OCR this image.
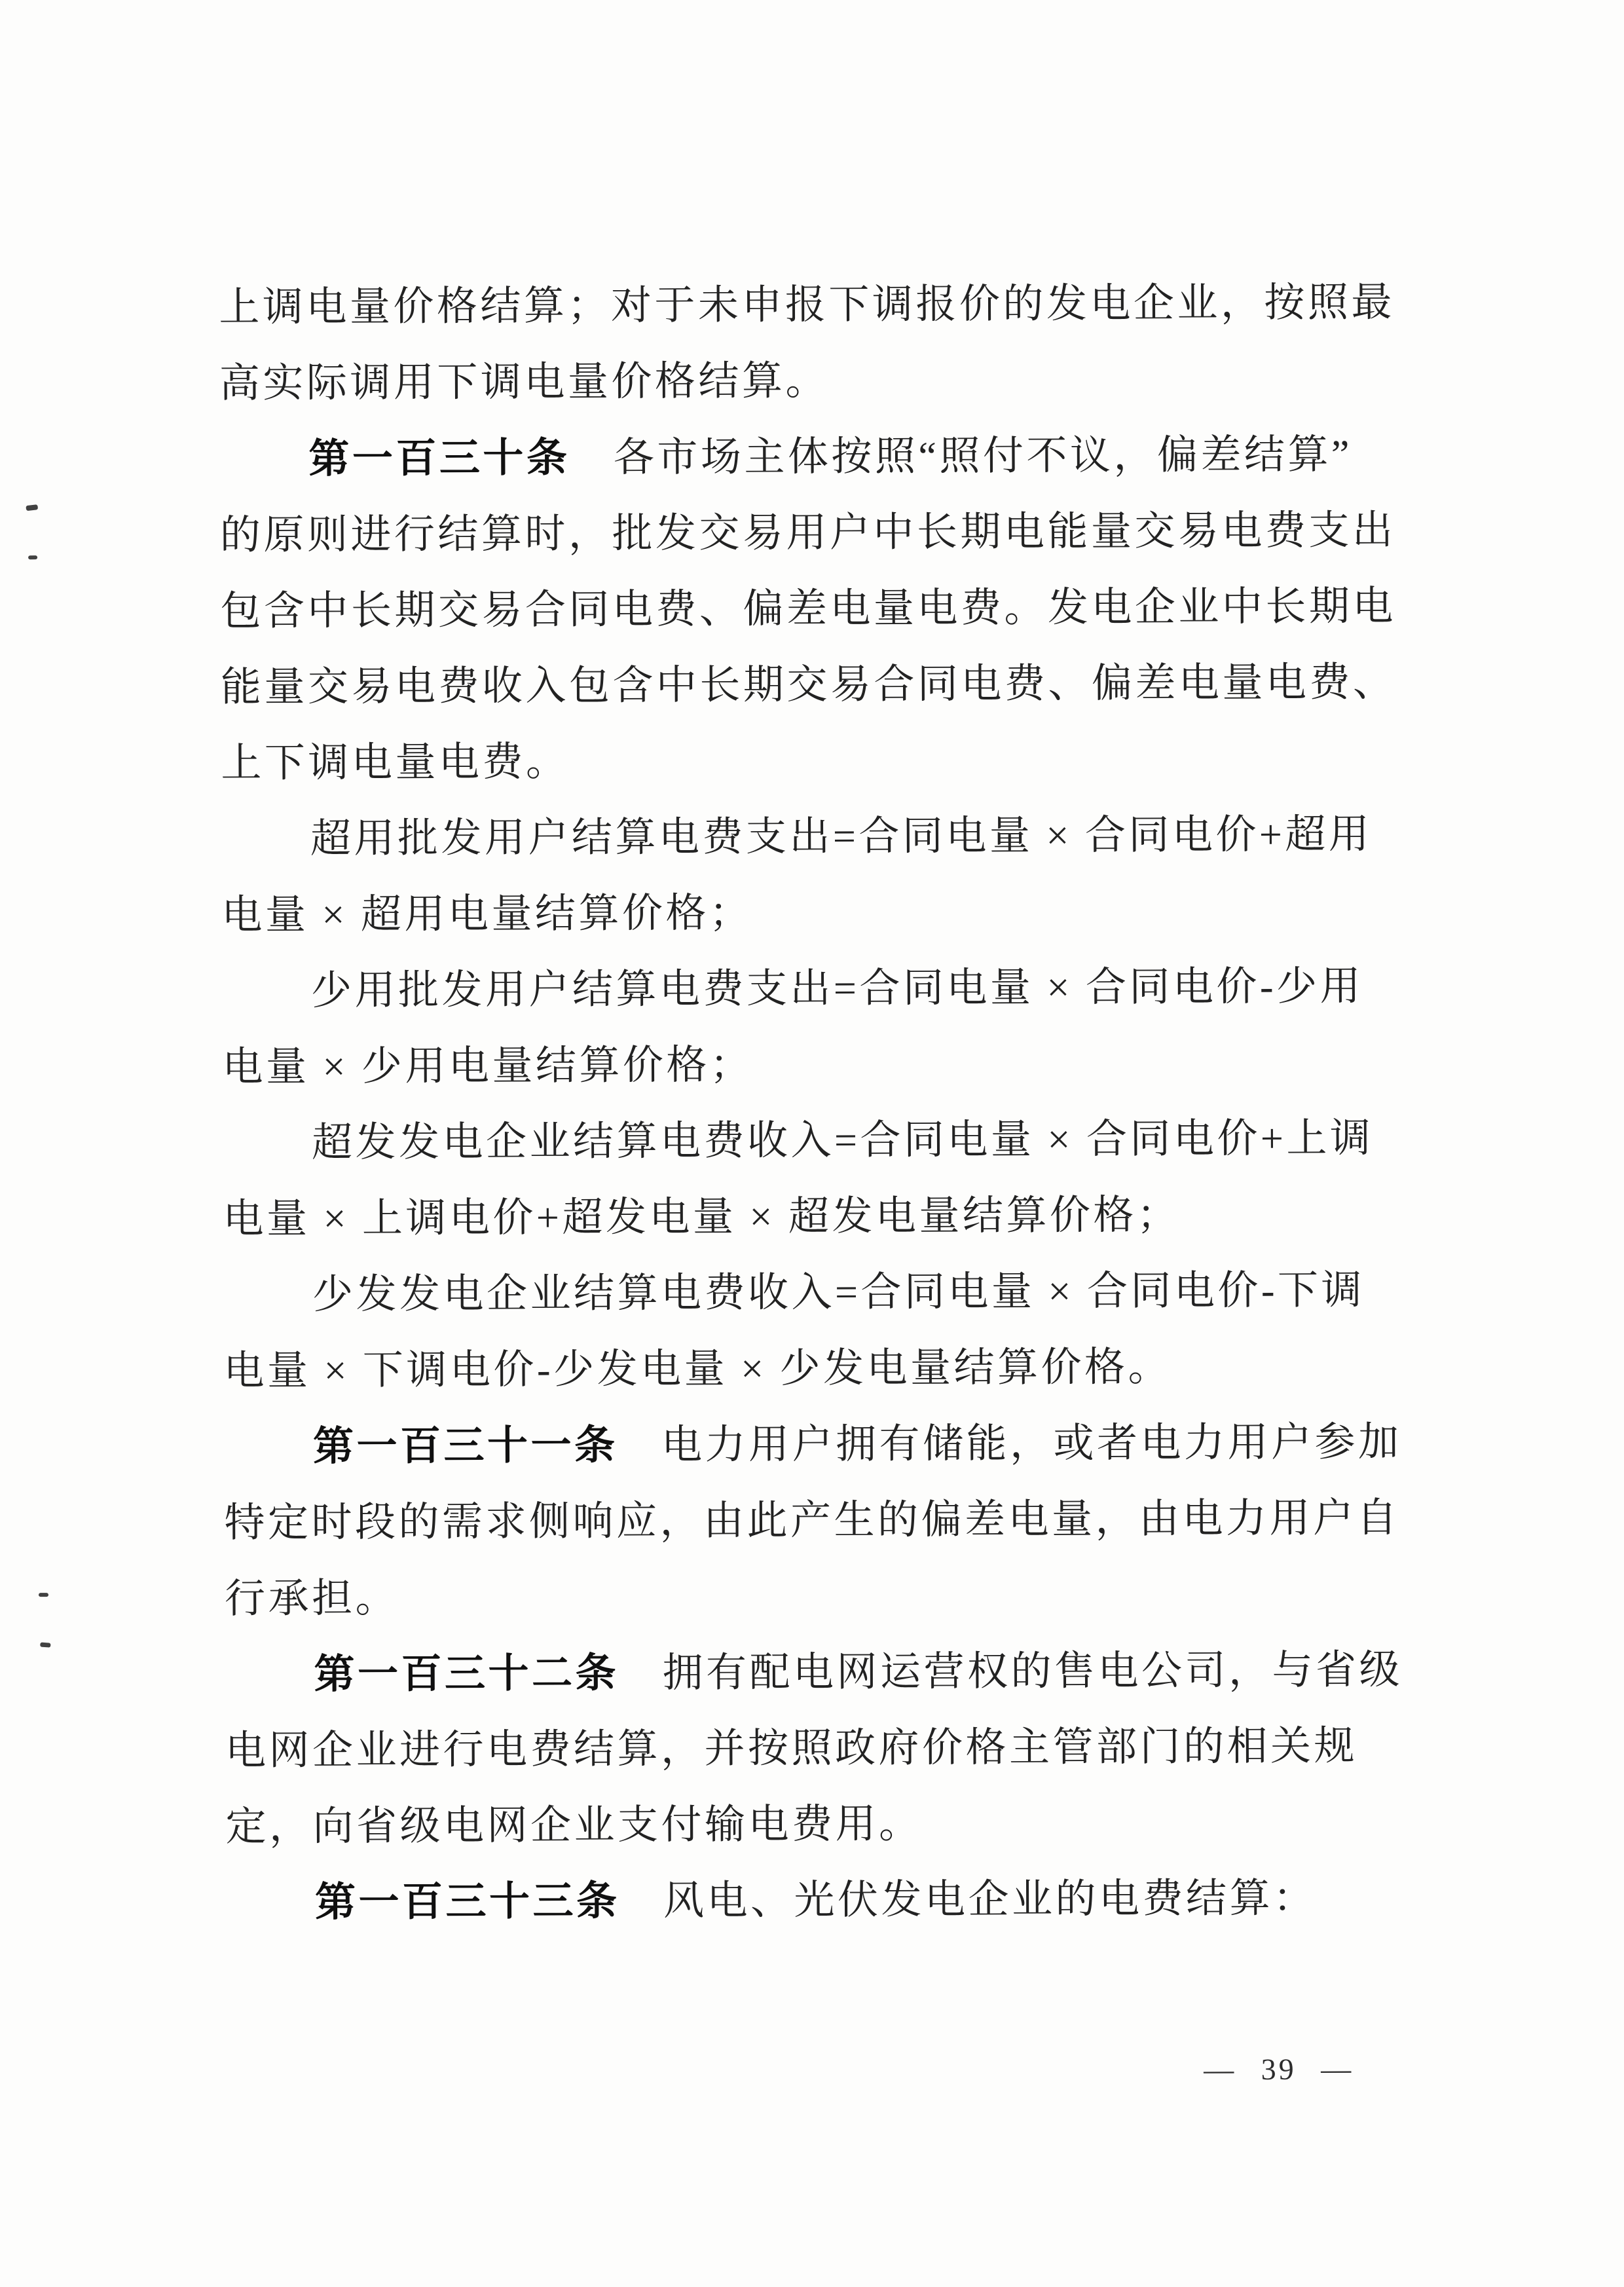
上调电量价格结算；对于未申报下调报价的发电企业，按照最
高实际调用下调电量价格结算。
第一百三十条　各市场主体按照“照付不议，偏差结算”
的原则进行结算时，批发交易用户中长期电能量交易电费支出
包含中长期交易合同电费、偏差电量电费。发电企业中长期电
能量交易电费收入包含中长期交易合同电费、偏差电量电费、
上下调电量电费。
超用批发用户结算电费支出=合同电量 × 合同电价+超用
电量 × 超用电量结算价格；
少用批发用户结算电费支出=合同电量 × 合同电价-少用
电量 × 少用电量结算价格；
超发发电企业结算电费收入=合同电量 × 合同电价+上调
电量 × 上调电价+超发电量 × 超发电量结算价格；
少发发电企业结算电费收入=合同电量 × 合同电价-下调
电量 × 下调电价-少发电量 × 少发电量结算价格。
第一百三十一条　电力用户拥有储能，或者电力用户参加
特定时段的需求侧响应，由此产生的偏差电量，由电力用户自
行承担。
第一百三十二条　拥有配电网运营权的售电公司，与省级
电网企业进行电费结算，并按照政府价格主管部门的相关规
定，向省级电网企业支付输电费用。
第一百三十三条　风电、光伏发电企业的电费结算：
— 39 —
